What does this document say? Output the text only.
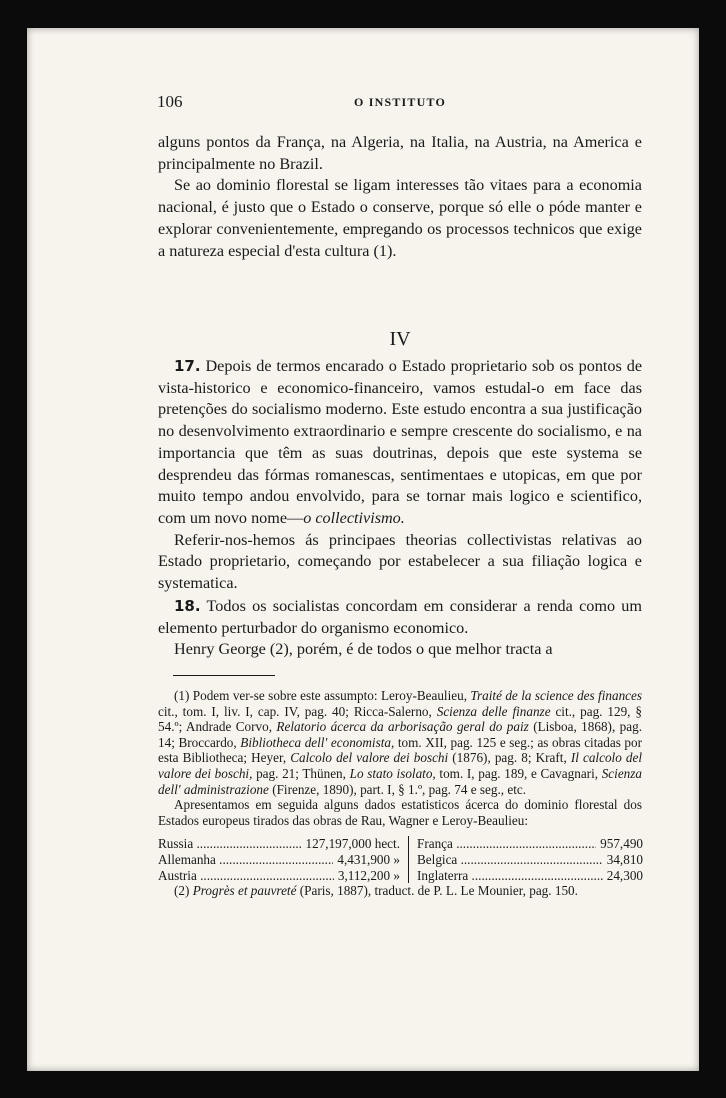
106	O INSTITUTO

alguns pontos da França, na Algeria, na Italia, na Austria, na America e principalmente no Brazil.

Se ao dominio florestal se ligam interesses tão vitaes para a economia nacional, é justo que o Estado o conserve, porque só elle o póde manter e explorar convenientemente, empregando os processos technicos que exige a natureza especial d'esta cultura (1).

IV

17. Depois de termos encarado o Estado proprietario sob os pontos de vista-historico e economico-financeiro, vamos estudal-o em face das pretenções do socialismo moderno. Este estudo encontra a sua justificação no desenvolvimento extraordinario e sempre crescente do socialismo, e na importancia que têm as suas doutrinas, depois que este systema se desprendeu das fórmas romanescas, sentimentaes e utopicas, em que por muito tempo andou envolvido, para se tornar mais logico e scientifico, com um novo nome—o collectivismo.

Referir-nos-hemos ás principaes theorias collectivistas relativas ao Estado proprietario, começando por estabelecer a sua filiação logica e systematica.

18. Todos os socialistas concordam em considerar a renda como um elemento perturbador do organismo economico.

Henry George (2), porém, é de todos o que melhor tracta a

(1) Podem ver-se sobre este assumpto: Leroy-Beaulieu, Traité de la science des finances cit., tom. I, liv. I, cap. IV, pag. 40; Ricca-Salerno, Scienza delle finanze cit., pag. 129, § 54.º; Andrade Corvo, Relatorio ácerca da arborisação geral do paiz (Lisboa, 1868), pag. 14; Broccardo, Bibliotheca dell' economista, tom. XII, pag. 125 e seg.; as obras citadas por esta Bibliotheca; Heyer, Calcolo del valore dei boschi (1876), pag. 8; Kraft, Il calcolo del valore dei boschi, pag. 21; Thünen, Lo stato isolato, tom. I, pag. 189, e Cavagnari, Scienza dell' administrazione (Firenze, 1890), part. I, § 1.º, pag. 74 e seg., etc.

Apresentamos em seguida alguns dados estatisticos ácerca do dominio florestal dos Estados europeus tirados das obras de Rau, Wagner e Leroy-Beaulieu:

Russia .....	127,197,000 hect.
Allemanha .....	4,431,900 »
Austria .....	3,112,200 »
França .....	957,490
Belgica .....	34,810
Inglaterra .....	24,300

(2) Progrès et pauvreté (Paris, 1887), traduct. de P. L. Le Mounier, pag. 150.
